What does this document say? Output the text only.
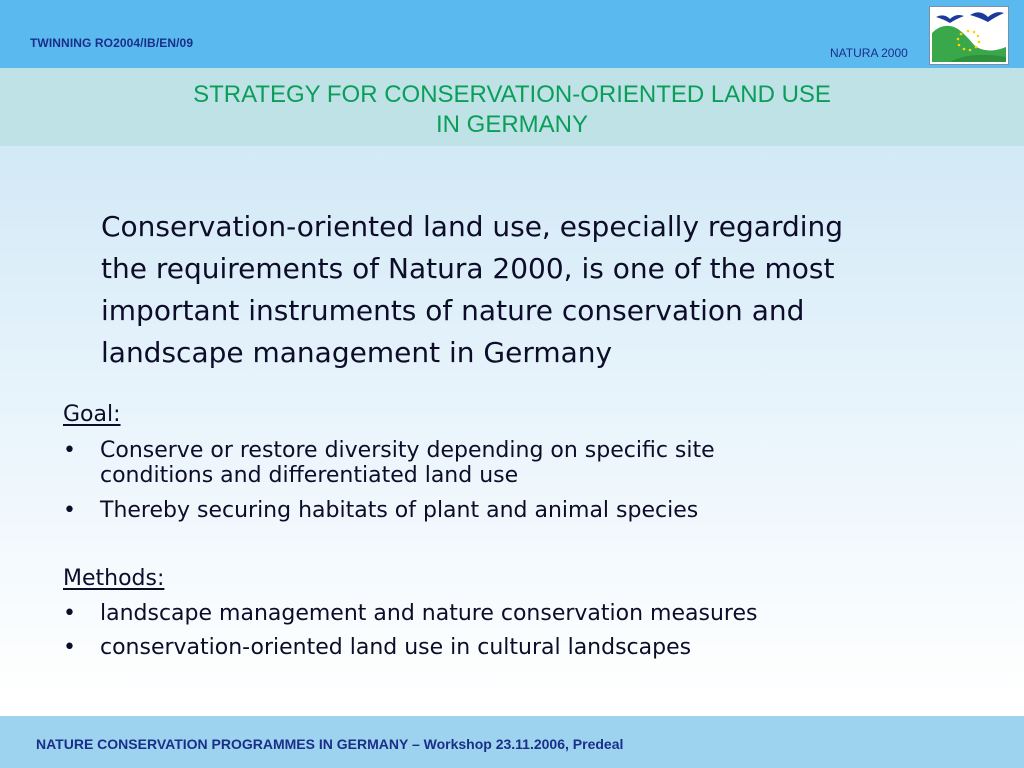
TWINNING RO2004/IB/EN/09
NATURA 2000
STRATEGY FOR CONSERVATION-ORIENTED LAND USE
IN GERMANY
Conservation-oriented land use, especially regarding
the requirements of Natura 2000, is one of the most
important instruments of nature conservation and
landscape management in Germany
Goal:
• Conserve or restore diversity depending on specific site
conditions and differentiated land use
• Thereby securing habitats of plant and animal species
Methods:
• landscape management and nature conservation measures
• conservation-oriented land use in cultural landscapes
NATURE CONSERVATION PROGRAMMES IN GERMANY – Workshop 23.11.2006, Predeal
